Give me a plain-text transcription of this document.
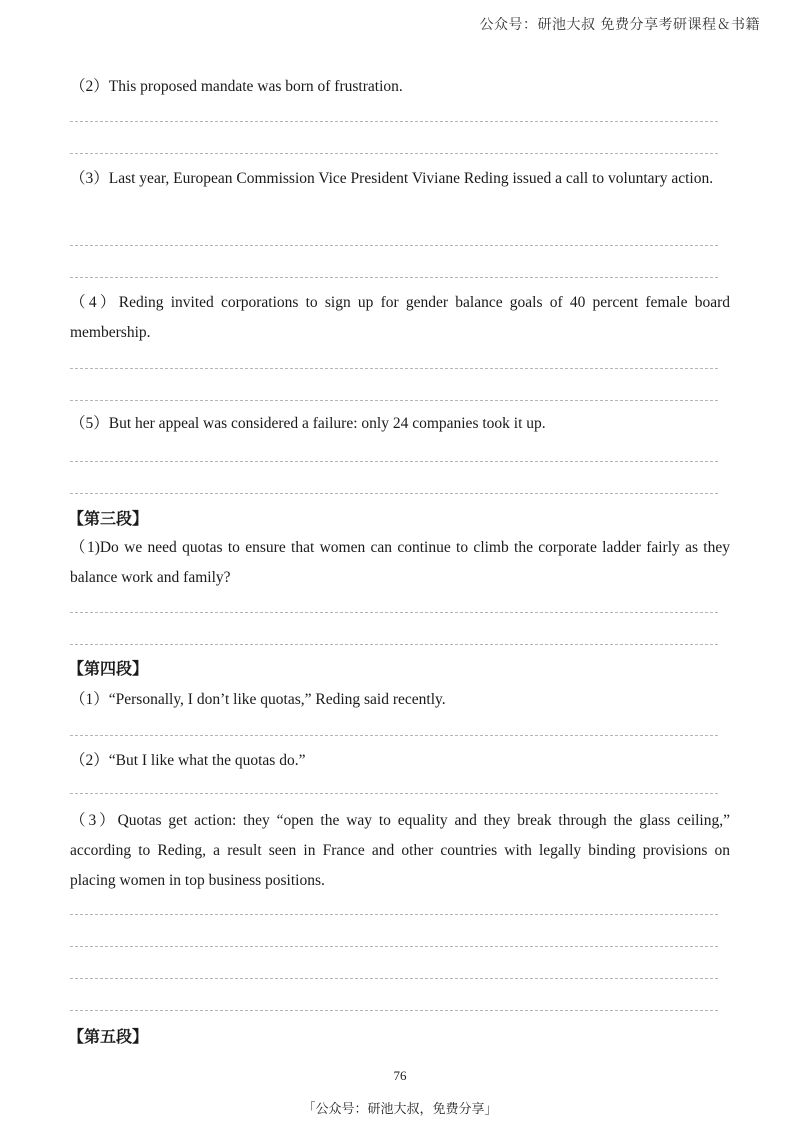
公众号：研池大叔 免费分享考研课程＆书籍
（2）This proposed mandate was born of frustration.
（3）Last year, European Commission Vice President Viviane Reding issued a call to voluntary action.
（4）Reding invited corporations to sign up for gender balance goals of 40 percent female board membership.
（5）But her appeal was considered a failure: only 24 companies took it up.
【第三段】
（1)Do we need quotas to ensure that women can continue to climb the corporate ladder fairly as they balance work and family?
【第四段】
（1）“Personally, I don’t like quotas,” Reding said recently.
（2）“But I like what the quotas do.”
（3）Quotas get action: they “open the way to equality and they break through the glass ceiling,” according to Reding, a result seen in France and other countries with legally binding provisions on placing women in top business positions.
【第五段】
76
「公众号：研池大叔，免费分享」
